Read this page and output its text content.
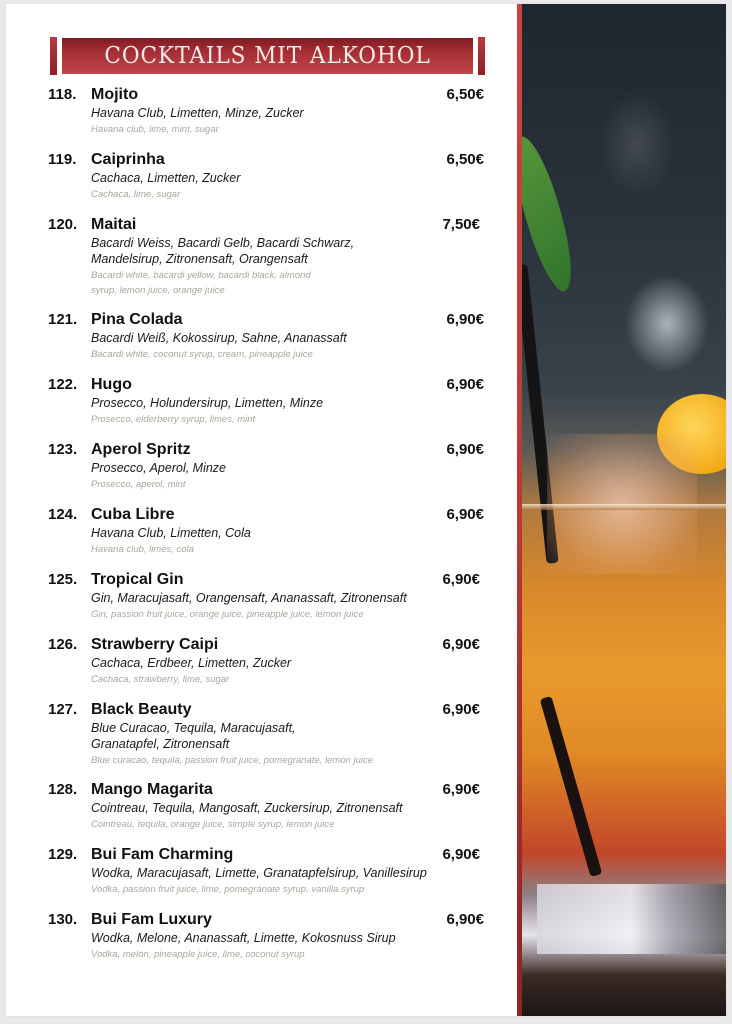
COCKTAILS MIT ALKOHOL
118. Mojito	6,50€
Havana Club, Limetten, Minze, Zucker
Havana club, lime, mint, sugar
119. Caiprinha	6,50€
Cachaca, Limetten, Zucker
Cachaca, lime, sugar
120. Maitai	7,50€
Bacardi Weiss, Bacardi Gelb, Bacardi Schwarz, Mandelsirup, Zitronensaft, Orangensaft
Bacardi white, bacardi yellow, bacardi black, almond syrup, lemon juice, orange juice
121. Pina Colada	6,90€
Bacardi Weiß, Kokossirup, Sahne, Ananassaft
Bacardi white, coconut syrup, cream, pineapple juice
122. Hugo	6,90€
Prosecco, Holundersirup, Limetten, Minze
Prosecco, elderberry syrup, limes, mint
123. Aperol Spritz	6,90€
Prosecco, Aperol, Minze
Prosecco, aperol, mint
124. Cuba Libre	6,90€
Havana Club, Limetten, Cola
Havana club, limes, cola
125. Tropical Gin	6,90€
Gin, Maracujasaft, Orangensaft, Ananassaft, Zitronensaft
Gin, passion fruit juice, orange juice, pineapple juice, lemon juice
126. Strawberry Caipi	6,90€
Cachaca, Erdbeer, Limetten, Zucker
Cachaca, strawberry, lime, sugar
127. Black Beauty	6,90€
Blue Curacao, Tequila, Maracujasaft, Granatapfel, Zitronensaft
Blue curacao, tequila, passion fruit juice, pomegranate, lemon juice
128. Mango Magarita	6,90€
Cointreau, Tequila, Mangosaft, Zuckersirup, Zitronensaft
Cointreau, tequila, orange juice, simple syrup, lemon juice
129. Bui Fam Charming	6,90€
Wodka, Maracujasaft, Limette, Granatapfelsirup, Vanillesirup
Vodka, passion fruit juice, lime, pomegranate syrup, vanilla syrup
130. Bui Fam Luxury	6,90€
Wodka, Melone, Ananassaft, Limette, Kokosnuss Sirup
Vodka, melon, pineapple juice, lime, coconut syrup
